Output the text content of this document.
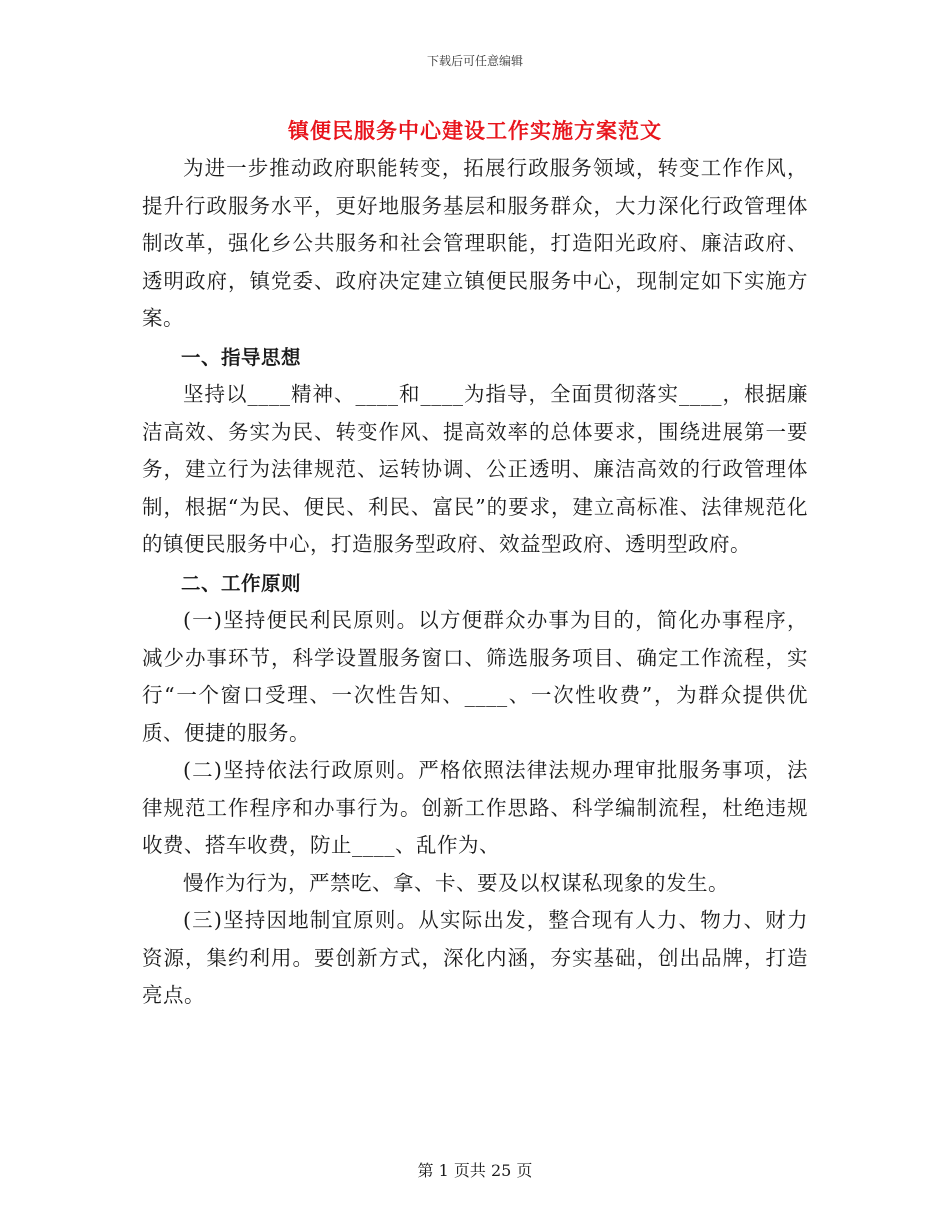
下载后可任意编辑
镇便民服务中心建设工作实施方案范文

为进一步推动政府职能转变，拓展行政服务领域，转变工作作风，提升行政服务水平，更好地服务基层和服务群众，大力深化行政管理体制改革，强化乡公共服务和社会管理职能，打造阳光政府、廉洁政府、透明政府，镇党委、政府决定建立镇便民服务中心，现制定如下实施方案。

一、指导思想

坚持以____精神、____和____为指导，全面贯彻落实____，根据廉洁高效、务实为民、转变作风、提高效率的总体要求，围绕进展第一要务，建立行为法律规范、运转协调、公正透明、廉洁高效的行政管理体制，根据“为民、便民、利民、富民”的要求，建立高标准、法律规范化的镇便民服务中心，打造服务型政府、效益型政府、透明型政府。

二、工作原则

(一)坚持便民利民原则。以方便群众办事为目的，简化办事程序，减少办事环节，科学设置服务窗口、筛选服务项目、确定工作流程，实行“一个窗口受理、一次性告知、____、一次性收费”，为群众提供优质、便捷的服务。

(二)坚持依法行政原则。严格依照法律法规办理审批服务事项，法律规范工作程序和办事行为。创新工作思路、科学编制流程，杜绝违规收费、搭车收费，防止____、乱作为、

慢作为行为，严禁吃、拿、卡、要及以权谋私现象的发生。

(三)坚持因地制宜原则。从实际出发，整合现有人力、物力、财力资源，集约利用。要创新方式，深化内涵，夯实基础，创出品牌，打造亮点。

第 1 页共 25 页
